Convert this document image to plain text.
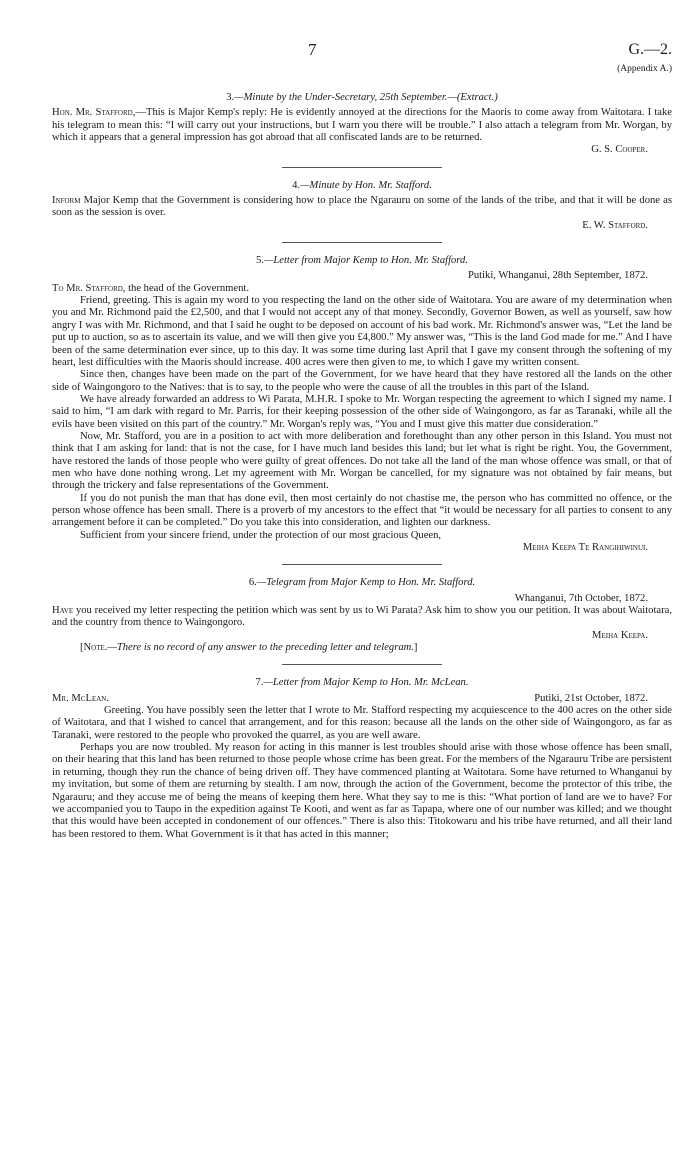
7	G.—2.
(Appendix A.)
3.—Minute by the Under-Secretary, 25th September.—(Extract.)

Hon. Mr. Stafford,—This is Major Kemp's reply: He is evidently annoyed at the directions for the Maoris to come away from Waitotara. I take his telegram to mean this: “I will carry out your instructions, but I warn you there will be trouble.” I also attach a telegram from Mr. Worgan, by which it appears that a general impression has got abroad that all confiscated lands are to be returned.

G. S. Cooper.

4.—Minute by Hon. Mr. Stafford.

Inform Major Kemp that the Government is considering how to place the Ngarauru on some of the lands of the tribe, and that it will be done as soon as the session is over.

E. W. Stafford.

5.—Letter from Major Kemp to Hon. Mr. Stafford.

Putiki, Whanganui, 28th September, 1872.

To Mr. Stafford, the head of the Government.

Friend, greeting. This is again my word to you respecting the land on the other side of Waitotara. You are aware of my determination when you and Mr. Richmond paid the £2,500, and that I would not accept any of that money. Secondly, Governor Bowen, as well as yourself, saw how angry I was with Mr. Richmond, and that I said he ought to be deposed on account of his bad work. Mr. Richmond's answer was, “Let the land be put up to auction, so as to ascertain its value, and we will then give you £4,800.” My answer was, “This is the land God made for me.” And I have been of the same determination ever since, up to this day. It was some time during last April that I gave my consent through the softening of my heart, lest difficulties with the Maoris should increase. 400 acres were then given to me, to which I gave my written consent.

Since then, changes have been made on the part of the Government, for we have heard that they have restored all the lands on the other side of Waingongoro to the Natives: that is to say, to the people who were the cause of all the troubles in this part of the Island.

We have already forwarded an address to Wi Parata, M.H.R. I spoke to Mr. Worgan respecting the agreement to which I signed my name. I said to him, “I am dark with regard to Mr. Parris, for their keeping possession of the other side of Waingongoro, as far as Taranaki, while all the evils have been visited on this part of the country.” Mr. Worgan's reply was, “You and I must give this matter due consideration.”

Now, Mr. Stafford, you are in a position to act with more deliberation and forethought than any other person in this Island. You must not think that I am asking for land: that is not the case, for I have much land besides this land; but let what is right be right. You, the Government, have restored the lands of those people who were guilty of great offences. Do not take all the land of the man whose offence was small, or that of men who have done nothing wrong. Let my agreement with Mr. Worgan be cancelled, for my signature was not obtained by fair means, but through the trickery and false representations of the Government.

If you do not punish the man that has done evil, then most certainly do not chastise me, the person who has committed no offence, or the person whose offence has been small. There is a proverb of my ancestors to the effect that “it would be necessary for all parties to consent to any arrangement before it can be completed.” Do you take this into consideration, and lighten our darkness.

Sufficient from your sincere friend, under the protection of our most gracious Queen,

Meiha Keepa Te Rangihiwinui.

6.—Telegram from Major Kemp to Hon. Mr. Stafford.

Whanganui, 7th October, 1872.

Have you received my letter respecting the petition which was sent by us to Wi Parata? Ask him to show you our petition. It was about Waitotara, and the country from thence to Waingongoro.

Meiha Keepa.

[Note.—There is no record of any answer to the preceding letter and telegram.]

7.—Letter from Major Kemp to Hon. Mr. McLean.
Mr. McLean.	Putiki, 21st October, 1872.

Greeting. You have possibly seen the letter that I wrote to Mr. Stafford respecting my acquiescence to the 400 acres on the other side of Waitotara, and that I wished to cancel that arrangement, and for this reason: because all the lands on the other side of Waingongoro, as far as Taranaki, were restored to the people who provoked the quarrel, as you are well aware.

Perhaps you are now troubled. My reason for acting in this manner is lest troubles should arise with those whose offence has been small, on their hearing that this land has been returned to those people whose crime has been great. For the members of the Ngarauru Tribe are persistent in returning, though they run the chance of being driven off. They have commenced planting at Waitotara. Some have returned to Whanganui by my invitation, but some of them are returning by stealth. I am now, through the action of the Government, become the protector of this tribe, the Ngarauru; and they accuse me of being the means of keeping them here. What they say to me is this: “What portion of land are we to have? For we accompanied you to Taupo in the expedition against Te Kooti, and went as far as Tapapa, where one of our number was killed; and we thought that this would have been accepted in condonement of our offences.” There is also this: Titokowaru and his tribe have returned, and all their land has been restored to them. What Government is it that has acted in this manner;
